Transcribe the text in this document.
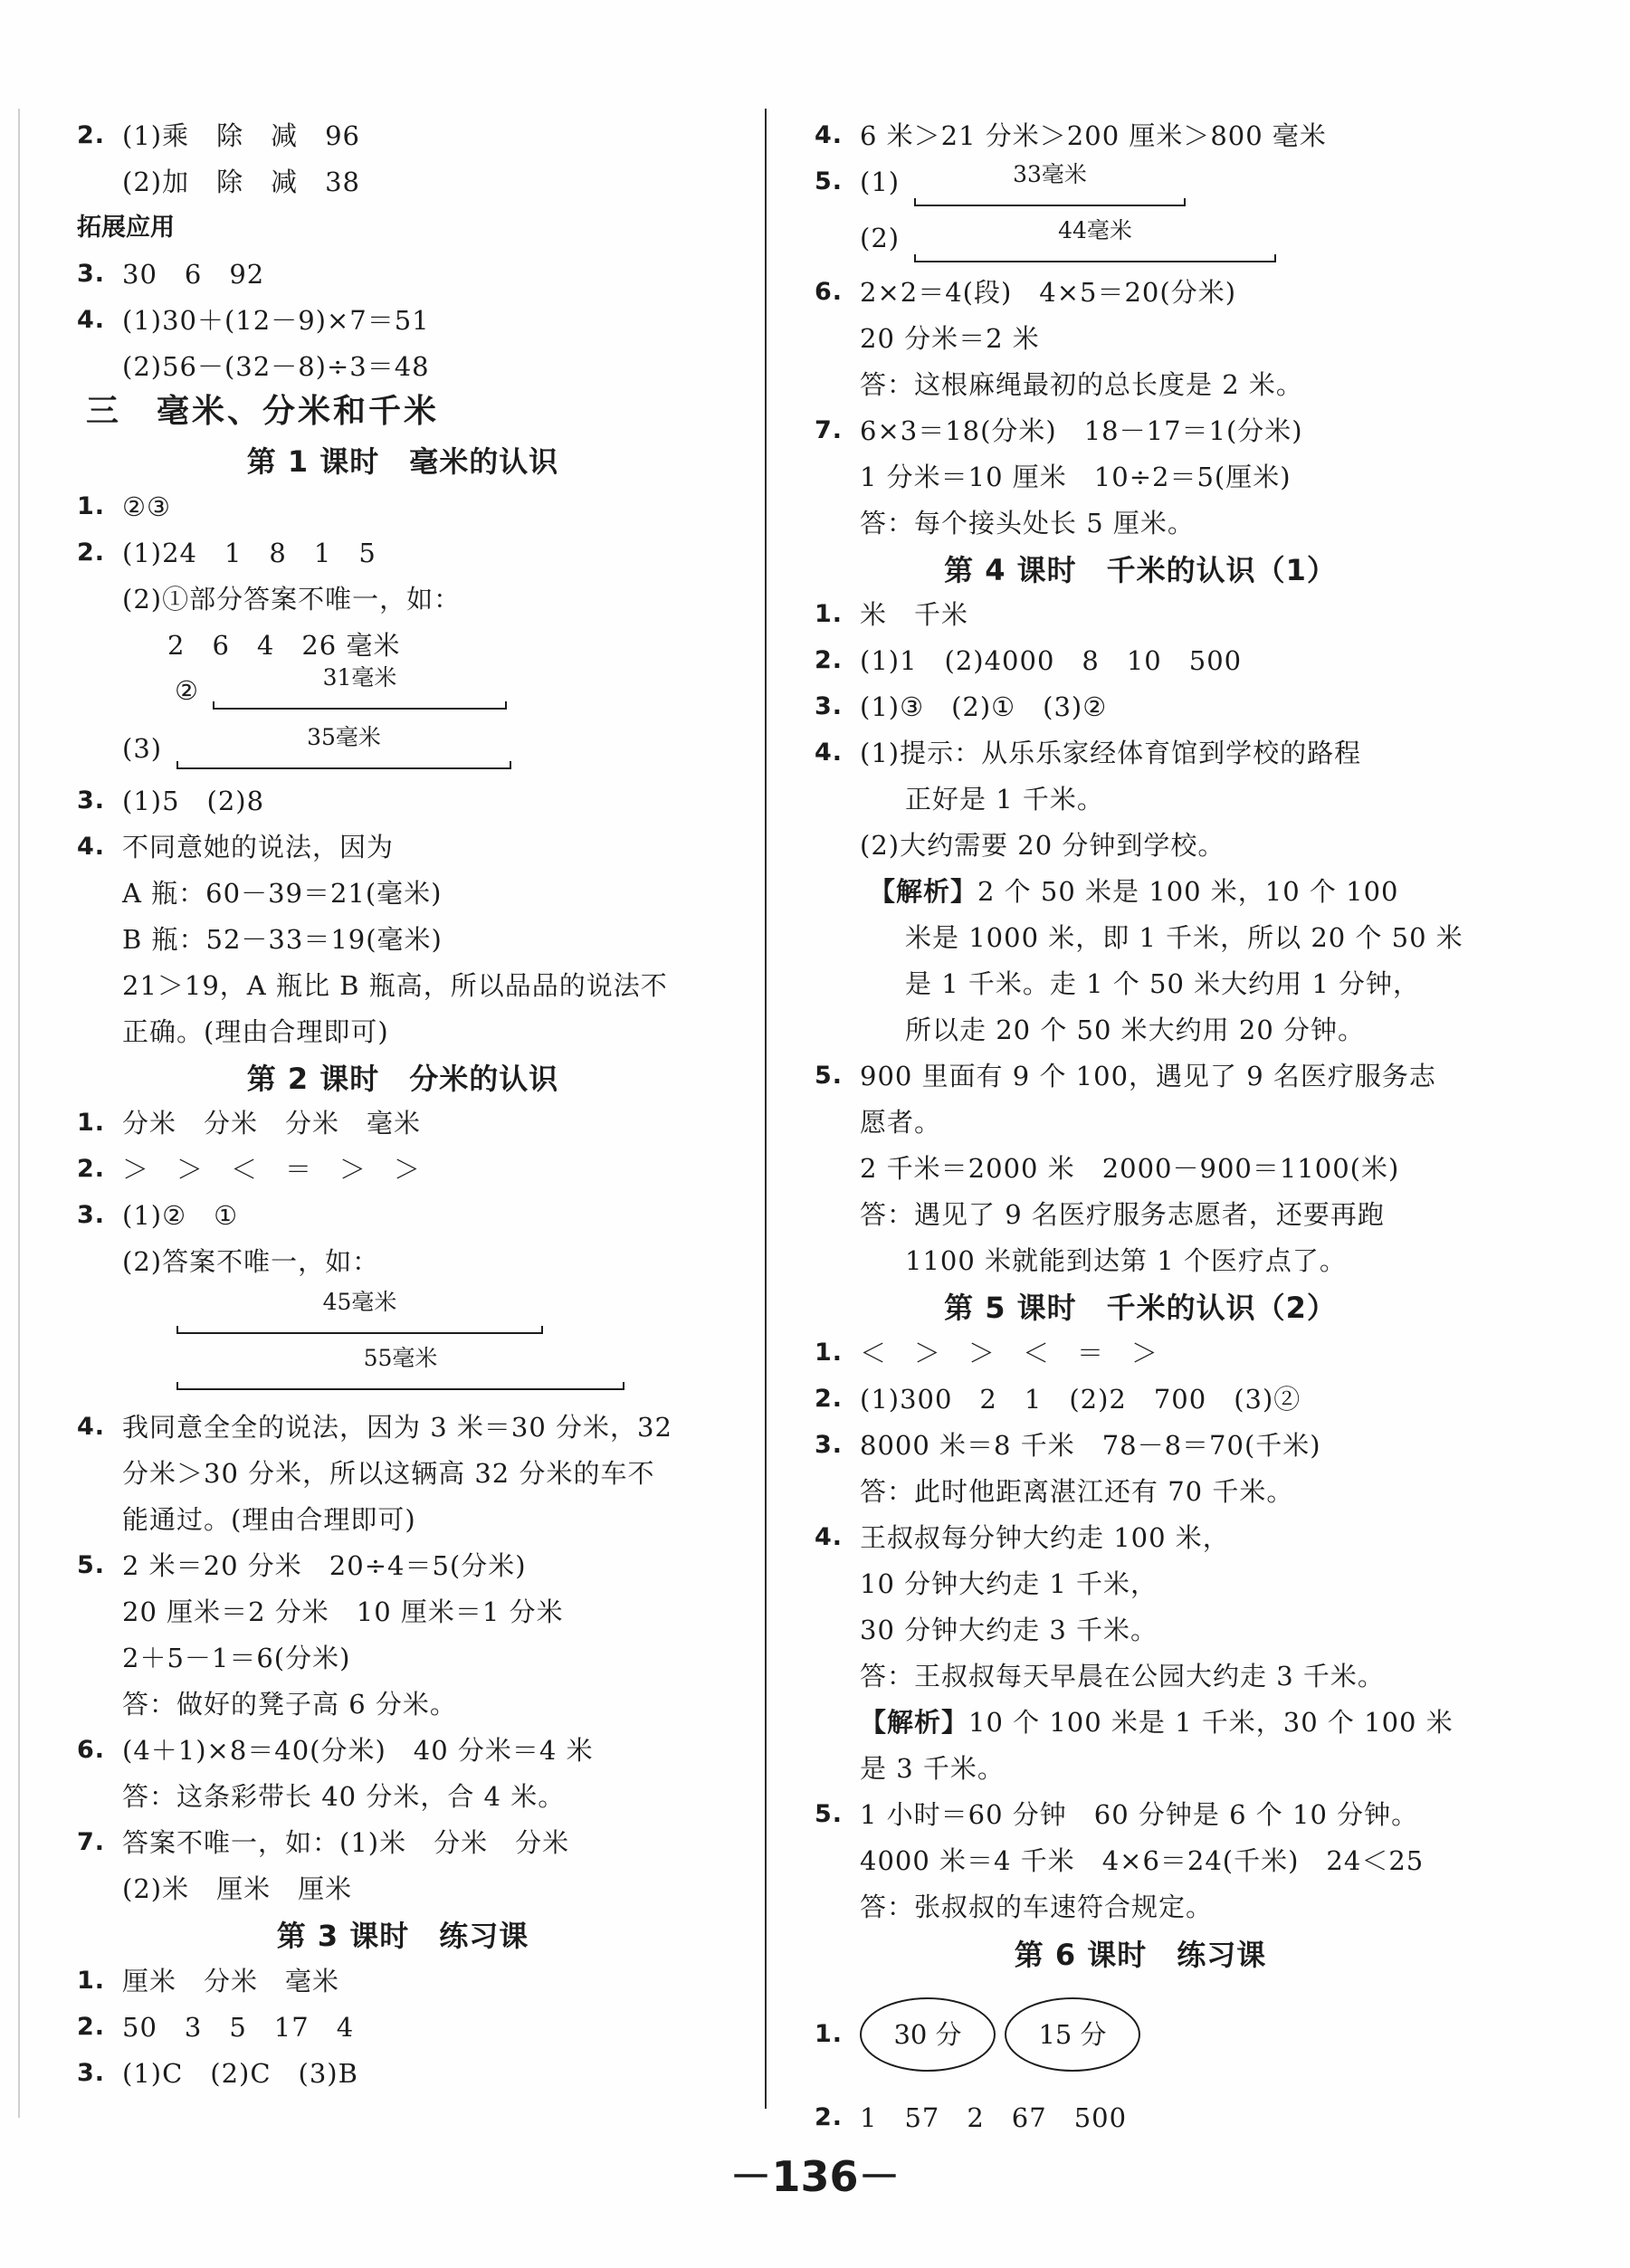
2. (1)乘　除　减　96
(2)加　除　减　38
拓展应用
3. 30　6　92
4. (1)30＋(12－9)×7＝51
(2)56－(32－8)÷3＝48
三　毫米、分米和千米
第 1 课时　毫米的认识
1. ②③
2. (1)24　1　8　1　5
(2)①部分答案不唯一，如：
2　6　4　26 毫米
②	31毫米
(3)	35毫米
3. (1)5　(2)8
4. 不同意她的说法，因为
A 瓶：60－39＝21(毫米)
B 瓶：52－33＝19(毫米)
21＞19，A 瓶比 B 瓶高，所以品品的说法不
正确。(理由合理即可)
第 2 课时　分米的认识
1. 分米　分米　分米　毫米
2. ＞　＞　＜　＝　＞　＞
3. (1)②　①
(2)答案不唯一，如：
45毫米
55毫米
4. 我同意全全的说法，因为 3 米＝30 分米，32
分米＞30 分米，所以这辆高 32 分米的车不
能通过。(理由合理即可)
5. 2 米＝20 分米　20÷4＝5(分米)
20 厘米＝2 分米　10 厘米＝1 分米
2＋5－1＝6(分米)
答：做好的凳子高 6 分米。
6. (4＋1)×8＝40(分米)　40 分米＝4 米
答：这条彩带长 40 分米，合 4 米。
7. 答案不唯一，如：(1)米　分米　分米
(2)米　厘米　厘米
第 3 课时　练习课
1. 厘米　分米　毫米
2. 50　3　5　17　4
3. (1)C　(2)C　(3)B
4. 6 米＞21 分米＞200 厘米＞800 毫米
5. (1)	33毫米
(2)	44毫米
6. 2×2＝4(段)　4×5＝20(分米)
20 分米＝2 米
答：这根麻绳最初的总长度是 2 米。
7. 6×3＝18(分米)　18－17＝1(分米)
1 分米＝10 厘米　10÷2＝5(厘米)
答：每个接头处长 5 厘米。
第 4 课时　千米的认识（1）
1. 米　千米
2. (1)1　(2)4000　8　10　500
3. (1)③　(2)①　(3)②
4. (1)提示：从乐乐家经体育馆到学校的路程
正好是 1 千米。
(2)大约需要 20 分钟到学校。
【解析】2 个 50 米是 100 米，10 个 100
米是 1000 米，即 1 千米，所以 20 个 50 米
是 1 千米。走 1 个 50 米大约用 1 分钟，
所以走 20 个 50 米大约用 20 分钟。
5. 900 里面有 9 个 100，遇见了 9 名医疗服务志
愿者。
2 千米＝2000 米　2000－900＝1100(米)
答：遇见了 9 名医疗服务志愿者，还要再跑
1100 米就能到达第 1 个医疗点了。
第 5 课时　千米的认识（2）
1. ＜　＞　＞　＜　＝　＞
2. (1)300　2　1　(2)2　700　(3)②
3. 8000 米＝8 千米　78－8＝70(千米)
答：此时他距离湛江还有 70 千米。
4. 王叔叔每分钟大约走 100 米，
10 分钟大约走 1 千米，
30 分钟大约走 3 千米。
答：王叔叔每天早晨在公园大约走 3 千米。
【解析】10 个 100 米是 1 千米，30 个 100 米
是 3 千米。
5. 1 小时＝60 分钟　60 分钟是 6 个 10 分钟。
4000 米＝4 千米　4×6＝24(千米)　24＜25
答：张叔叔的车速符合规定。
第 6 课时　练习课
1.	30 分	15 分
2. 1　57　2　67　500
－136－
